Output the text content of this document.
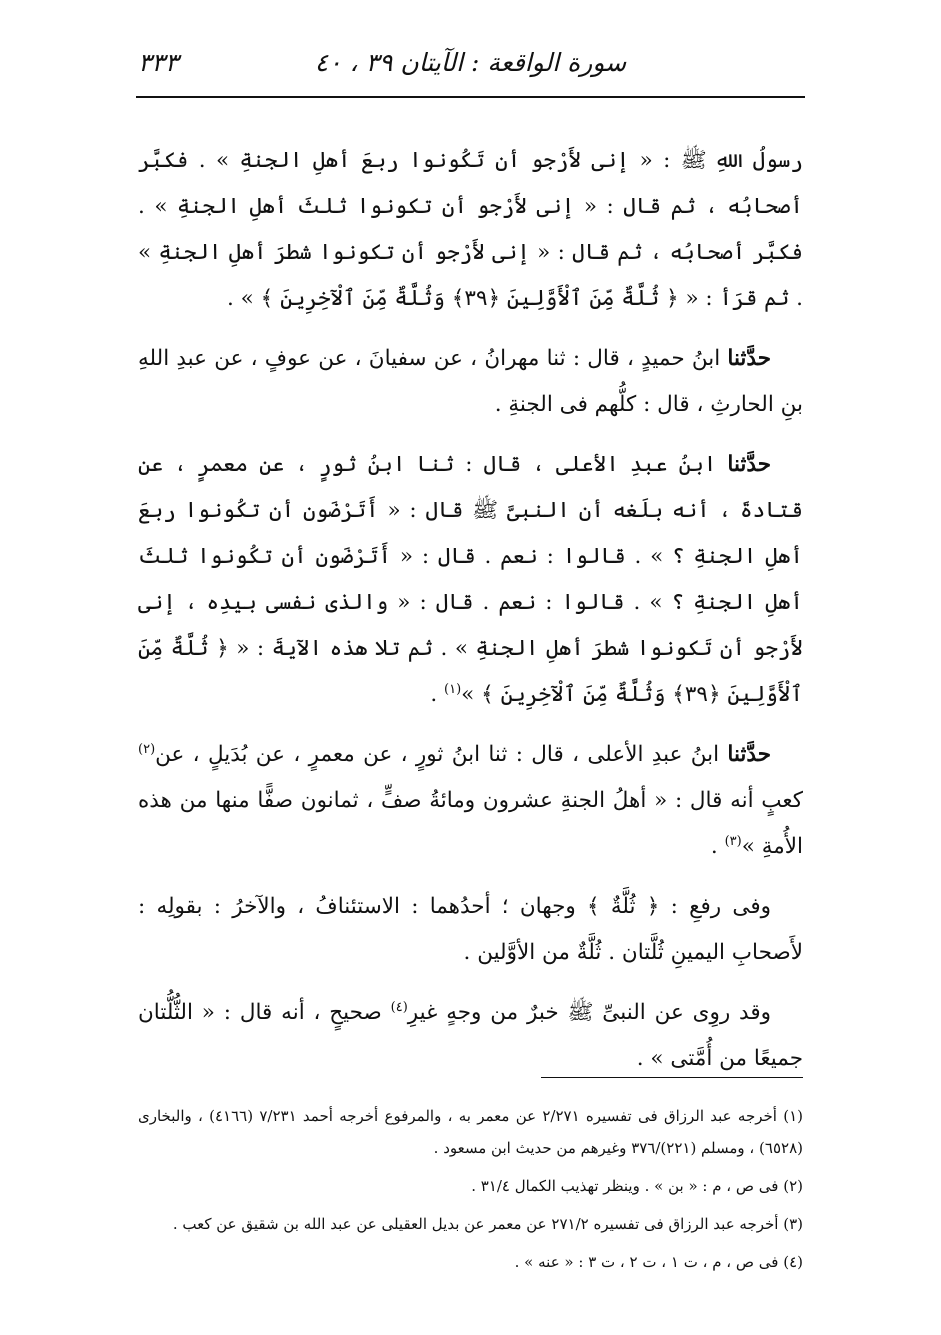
سورة الواقعة : الآيتان ٣٩ ، ٤٠
٣٣٣

رسولُ اللهِ ﷺ : « إنى لأَرْجو أن تَكُونوا ربعَ أهلِ الجنةِ » . فكبَّر أصحابُه ، ثم قال : « إنى لأَرْجو أن تكونوا ثلثَ أهلِ الجنةِ » . فكبَّر أصحابُه ، ثم قال : « إنى لأَرْجو أن تكونوا شطرَ أهلِ الجنةِ » . ثم قرَأ : « ﴿ ثُلَّةٌ مِّنَ ٱلْأَوَّلِينَ ﴿٣٩﴾ وَثُلَّةٌ مِّنَ ٱلْآخِرِينَ ﴾ » .

حدَّثنا ابنُ حميدٍ ، قال : ثنا مهرانُ ، عن سفيانَ ، عن عوفٍ ، عن عبدِ اللهِ بنِ الحارثِ ، قال : كلُّهم فى الجنةِ .

حدَّثنا ابنُ عبدِ الأعلى ، قال : ثنا ابنُ ثورٍ ، عن معمرٍ ، عن قتادةَ ، أنه بلَغه أن النبىَّ ﷺ قال : « أَتَرْضَون أن تكُونوا ربعَ أهلِ الجنةِ ؟ » . قالوا : نعم . قال : « أَتَرْضَون أن تكُونوا ثلثَ أهلِ الجنةِ ؟ » . قالوا : نعم . قال : « والذى نفسى بيدِه ، إنى لأَرْجو أن تَكونوا شطرَ أهلِ الجنةِ » . ثم تلا هذه الآيةَ : « ﴿ ثُلَّةٌ مِّنَ ٱلْأَوَّلِينَ ﴿٣٩﴾ وَثُلَّةٌ مِّنَ ٱلْآخِرِينَ ﴾ »$^{(١)}$ .

حدَّثنا ابنُ عبدِ الأعلى ، قال : ثنا ابنُ ثورٍ ، عن معمرٍ ، عن بُدَيلٍ ، عن$^{(٢)}$ كعبٍ أنه قال : « أهلُ الجنةِ عشرون ومائةُ صفٍّ ، ثمانون صفًّا منها من هذه الأُمةِ »$^{(٣)}$ .

وفى رفعِ : ﴿ ثُلَّةٌ ﴾ وجهان ؛ أحدُهما : الاستئنافُ ، والآخرُ : بقولِه : لأَصحابِ اليمينِ ثُلَّتان . ثُلَّةٌ من الأوَّلين .

وقد روِى عن النبىِّ ﷺ خبرٌ من وجهٍ غيرِ$^{(٤)}$ صحيحٍ ، أنه قال : « الثُّلُّتان جميعًا من أُمَّتى » .

(١) أخرجه عبد الرزاق فى تفسيره ٢/٢٧١ عن معمر به ، والمرفوع أخرجه أحمد ٧/٢٣١ (٤١٦٦) ، والبخارى (٦٥٢٨) ، ومسلم (٢٢١)/٣٧٦ وغيرهم من حديث ابن مسعود .

(٢) فى ص ، م : « بن » . وينظر تهذيب الكمال ٣١/٤ .

(٣) أخرجه عبد الرزاق فى تفسيره ٢٧١/٢ عن معمر عن بديل العقيلى عن عبد الله بن شقيق عن كعب .

(٤) فى ص ، م ، ت ١ ، ت ٢ ، ت ٣ : « عنه » .
